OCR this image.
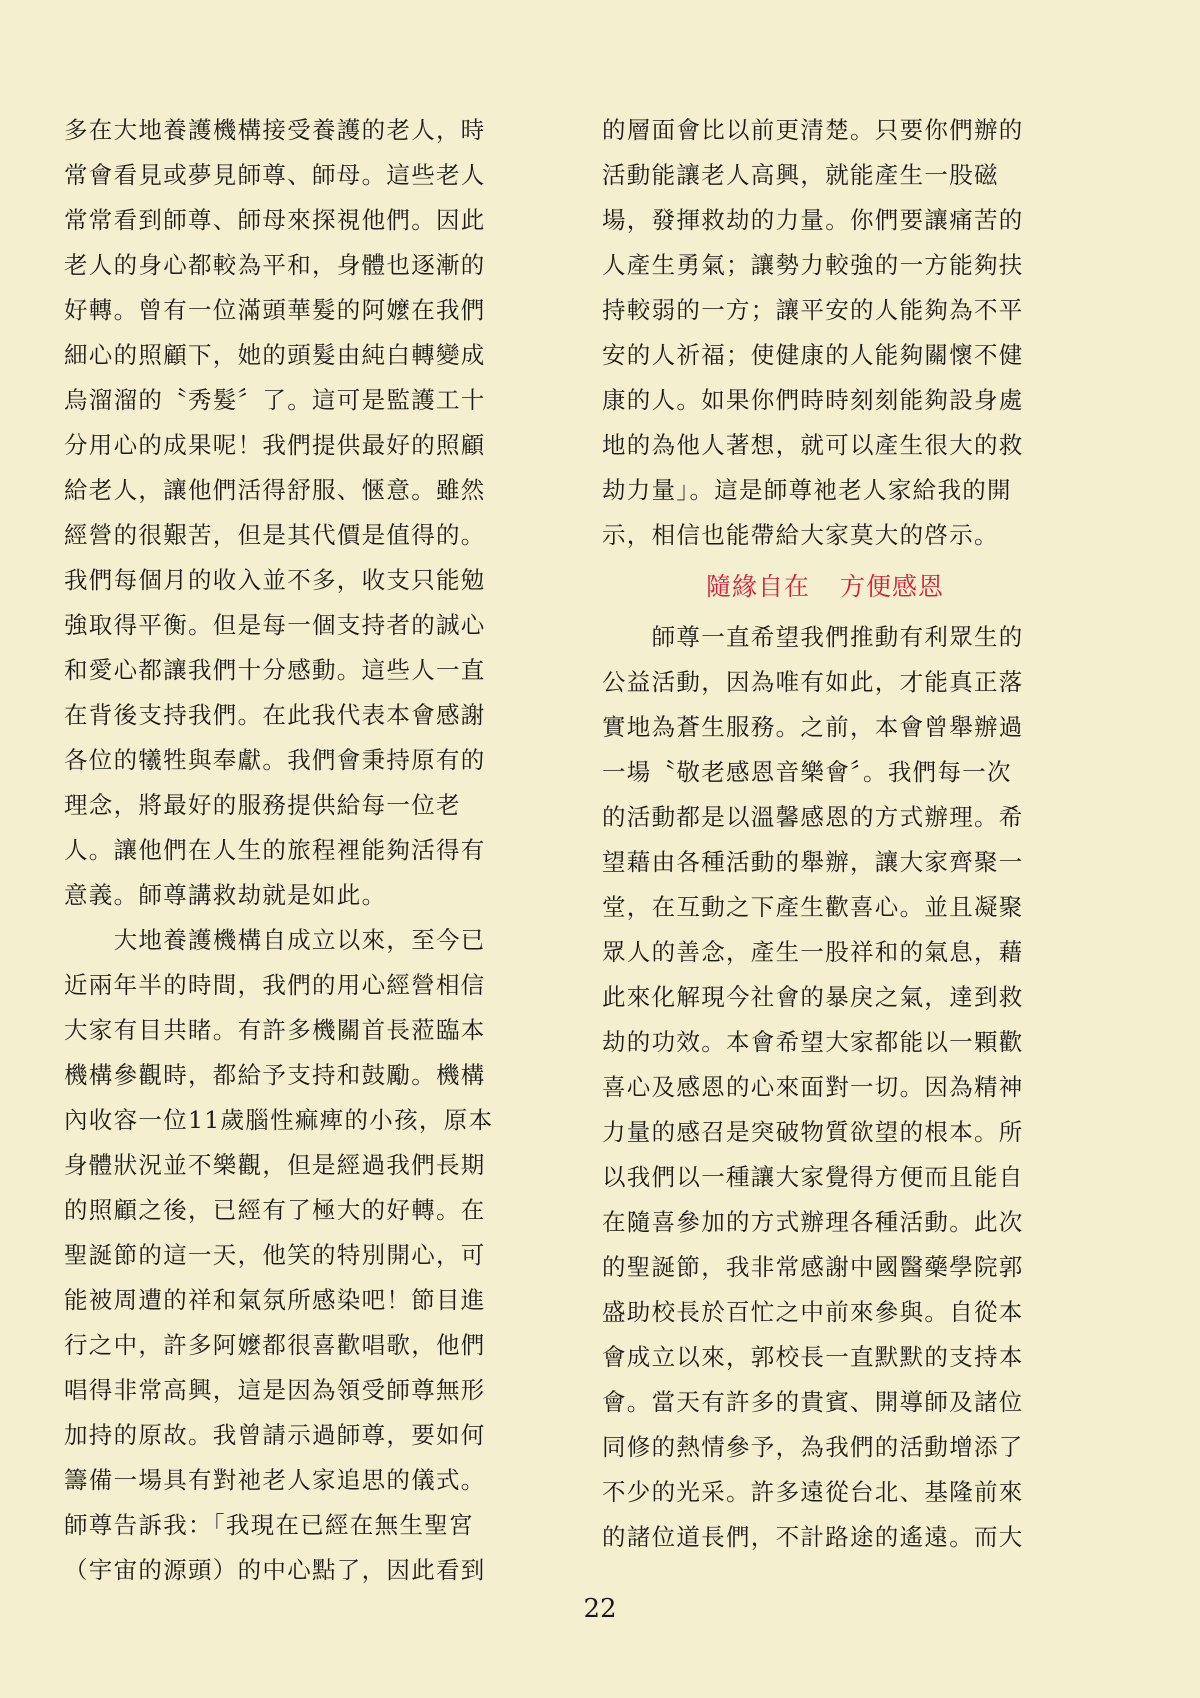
多在大地養護機構接受養護的老人，時
常會看見或夢見師尊、師母。這些老人
常常看到師尊、師母來探視他們。因此
老人的身心都較為平和，身體也逐漸的
好轉。曾有一位滿頭華髮的阿嬤在我們
細心的照顧下，她的頭髮由純白轉變成
烏溜溜的〝秀髮〞了。這可是監護工十
分用心的成果呢！我們提供最好的照顧
給老人，讓他們活得舒服、愜意。雖然
經營的很艱苦，但是其代價是值得的。
我們每個月的收入並不多，收支只能勉
強取得平衡。但是每一個支持者的誠心
和愛心都讓我們十分感動。這些人一直
在背後支持我們。在此我代表本會感謝
各位的犧牲與奉獻。我們會秉持原有的
理念，將最好的服務提供給每一位老
人。讓他們在人生的旅程裡能夠活得有
意義。師尊講救劫就是如此。
　　大地養護機構自成立以來，至今已
近兩年半的時間，我們的用心經營相信
大家有目共睹。有許多機關首長蒞臨本
機構參觀時，都給予支持和鼓勵。機構
內收容一位11歲腦性痲痺的小孩，原本
身體狀況並不樂觀，但是經過我們長期
的照顧之後，已經有了極大的好轉。在
聖誕節的這一天，他笑的特別開心，可
能被周遭的祥和氣氛所感染吧！節目進
行之中，許多阿嬤都很喜歡唱歌，他們
唱得非常高興，這是因為領受師尊無形
加持的原故。我曾請示過師尊，要如何
籌備一場具有對祂老人家追思的儀式。
師尊告訴我：「我現在已經在無生聖宮
（宇宙的源頭）的中心點了，因此看到
的層面會比以前更清楚。只要你們辦的
活動能讓老人高興，就能產生一股磁
場，發揮救劫的力量。你們要讓痛苦的
人產生勇氣；讓勢力較強的一方能夠扶
持較弱的一方；讓平安的人能夠為不平
安的人祈福；使健康的人能夠關懷不健
康的人。如果你們時時刻刻能夠設身處
地的為他人著想，就可以產生很大的救
劫力量」。這是師尊祂老人家給我的開
示，相信也能帶給大家莫大的啓示。
隨緣自在 方便感恩
　　師尊一直希望我們推動有利眾生的
公益活動，因為唯有如此，才能真正落
實地為蒼生服務。之前，本會曾舉辦過
一場〝敬老感恩音樂會〞。我們每一次
的活動都是以溫馨感恩的方式辦理。希
望藉由各種活動的舉辦，讓大家齊聚一
堂，在互動之下產生歡喜心。並且凝聚
眾人的善念，產生一股祥和的氣息，藉
此來化解現今社會的暴戾之氣，達到救
劫的功效。本會希望大家都能以一顆歡
喜心及感恩的心來面對一切。因為精神
力量的感召是突破物質欲望的根本。所
以我們以一種讓大家覺得方便而且能自
在隨喜參加的方式辦理各種活動。此次
的聖誕節，我非常感謝中國醫藥學院郭
盛助校長於百忙之中前來參與。自從本
會成立以來，郭校長一直默默的支持本
會。當天有許多的貴賓、開導師及諸位
同修的熱情參予，為我們的活動增添了
不少的光采。許多遠從台北、基隆前來
的諸位道長們，不計路途的遙遠。而大
22
